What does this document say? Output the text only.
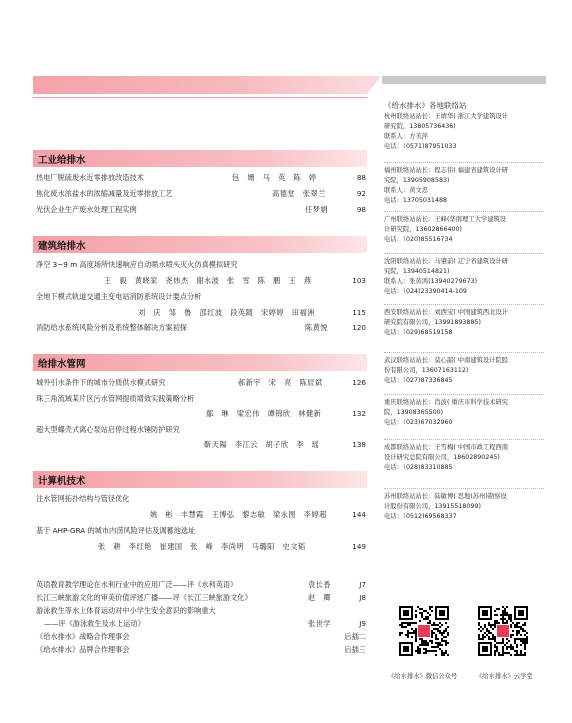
工业给排水
热电厂脱硫废水近零排放改造技术	包　姗　马　英　陈　婷	88
焦化废水浓盐水的浓缩减量及近零排放工艺	高德堂　张翠兰	92
光伏企业生产废水处理工程实例	任梦娟	98
建筑给排水
净空 3~9 m 高度场所快速响应自动喷水喷头灭火仿真模拟研究
王　毅　黄晓家　尧炜杰　谢水波　张　雪　陈　鹏　王　燕	103
全地下模式轨道交通主变电站消防系统设计要点分析
刘　庆　邹　鲁　邵红波　段英随　宋婷婷　田福洲	115
消防给水系统风险分析及系统整体解决方案初探	陈黄悦	120
给排水管网
城外引水条件下的城市分质供水模式研究	郝新宇　宋　亮　陈辰斌	126
珠三角流域某片区污水管网提质增效实践策略分析
鄢　琳　梁宏伟　谭锦欣　林健新	132
超大型蝶壳式离心泵站启停过程水锤防护研究
靳天陽　李江云　胡子欣　李　瑶	138
计算机技术
注水管网拓扑结构与管径优化
姚　彬　丰慧霞　王博弘　黎志敏　梁永图　李婷超	144
基于 AHP-GRA 的城市内涝风险评估及调蓄池选址
张　耕　李红艳　崔建国　张　峰　李尚明　马璐阳　史文韬	149
英语教育教学理论在水利行业中的应用广泛——评《水利英语》	袁长香	J7
长江三峡旅游文化的审美价值评述广播——评《长江三峡旅游文化》	赵　卿	J8
游泳救生等水上体育运动对中小学生安全意识的影响重大
——评《游泳救生及水上运动》	张世学	J9
《给水排水》战略合作理事会	后插二
《给水排水》品牌合作理事会	后插三
《给水排水》各地联络站
杭州联络站站长：王靖华( 浙江大学建筑设计
研究院，13805736436)
联系人：方芙萍
电话：（0571)87951033
福州联络站站长：程志伟( 福建省建筑设计研
究院，13905908583)
联系人：黄文忠
电话：13705031488
广州联络站站长：王峰(华南理工大学建筑设
计研究院，13602866400)
电话：（020)85516734
沈阳联络站站长：马肇前( 辽宁省建筑设计研
究院，13940514821)
联系人：张黄鸿(13940279673)
电话：（024)23390414-109
西安联络站站长：刘西宝( 中国建筑西北设计
研究院有限公司，13991893885)
电话：（029)68519158
武汉联络站站长：莫心韶( 中南建筑设计院股
份有限公司，13607163112)
电话：（027)87336845
重庆联络站站长：肖波( 重庆市科学技术研究
院，13908365500)
电话：（023)67032960
成都联络站站长：王雪梅( 中国市政工程西南
设计研究总院有限公司，18602890245)
电话：（028)83310885
苏州联络站站长：陆敏博( 思地(苏州)勘察设
计股份有限公司，13915518099)
电话：（0512)69568337
《给水排水》微信公众号	《给水排水》云学堂
